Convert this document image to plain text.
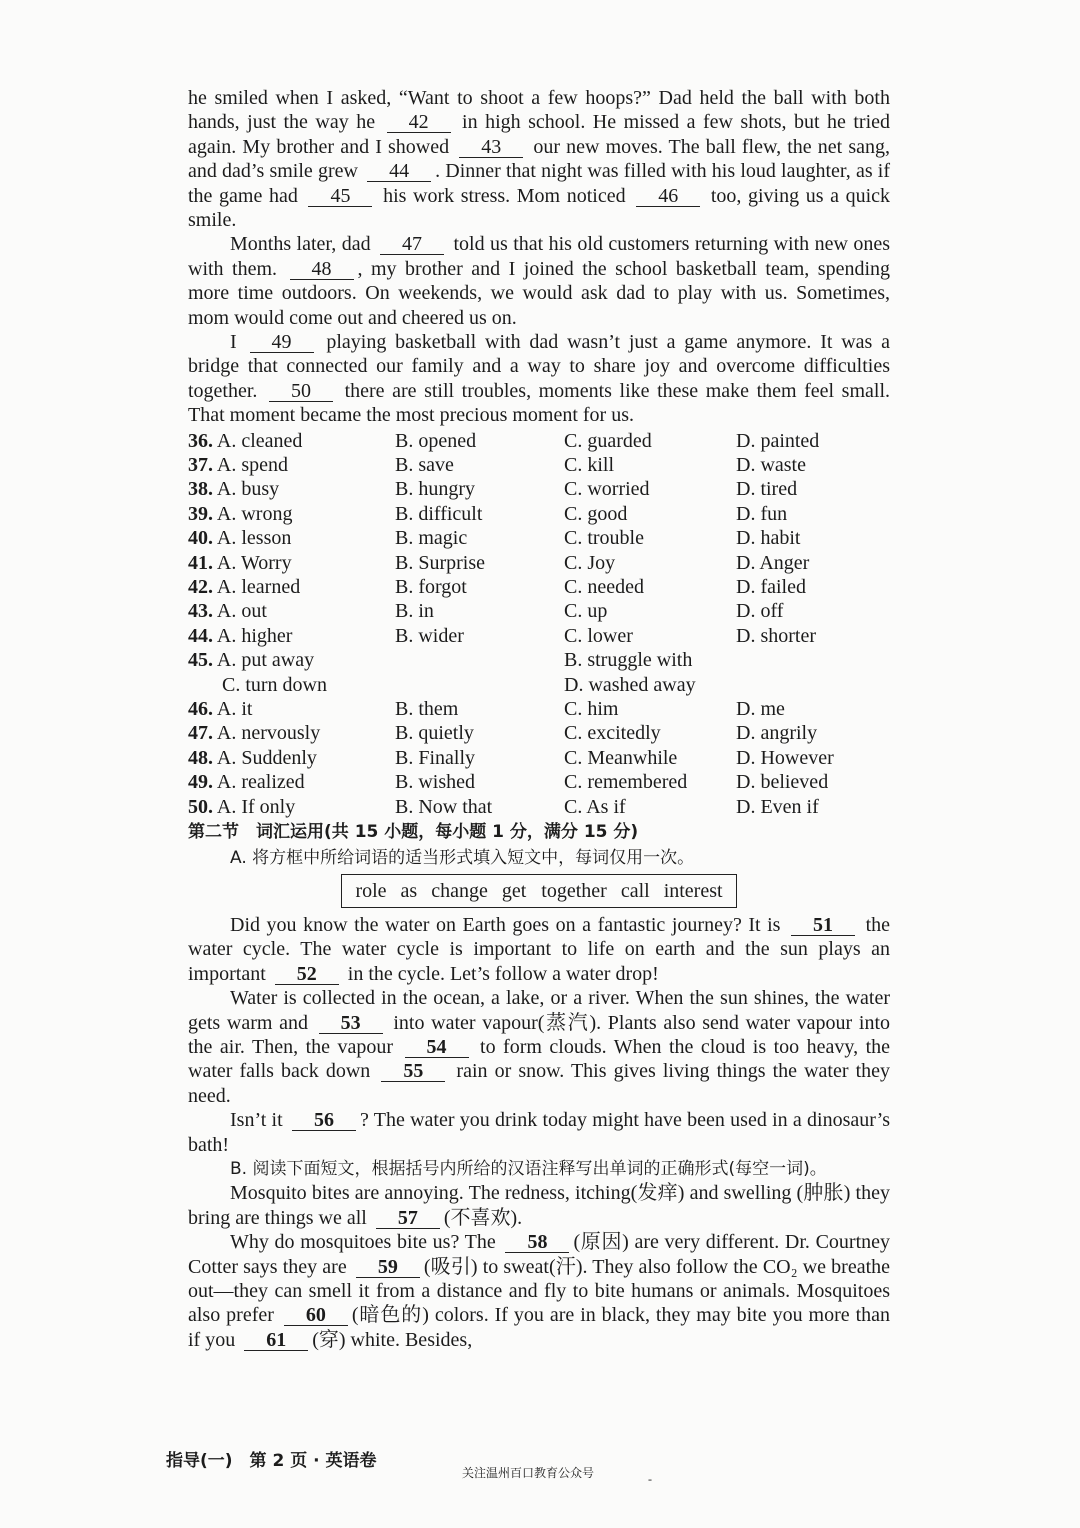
he smiled when I asked, “Want to shoot a few hoops?” Dad held the ball with both hands, just the way he 42 in high school. He missed a few shots, but he tried again. My brother and I showed 43 our new moves. The ball flew, the net sang, and dad’s smile grew 44 . Dinner that night was filled with his loud laughter, as if the game had 45 his work stress. Mom noticed 46 too, giving us a quick smile.

Months later, dad 47 told us that his old customers returning with new ones with them. 48 , my brother and I joined the school basketball team, spending more time outdoors. On weekends, we would ask dad to play with us. Sometimes, mom would come out and cheered us on.

I 49 playing basketball with dad wasn’t just a game anymore. It was a bridge that connected our family and a way to share joy and overcome difficulties together. 50 there are still troubles, moments like these make them feel small. That moment became the most precious moment for us.

36. A. cleaned	B. opened	C. guarded	D. painted
37. A. spend	B. save	C. kill	D. waste
38. A. busy	B. hungry	C. worried	D. tired
39. A. wrong	B. difficult	C. good	D. fun
40. A. lesson	B. magic	C. trouble	D. habit
41. A. Worry	B. Surprise	C. Joy	D. Anger
42. A. learned	B. forgot	C. needed	D. failed
43. A. out	B. in	C. up	D. off
44. A. higher	B. wider	C. lower	D. shorter
45. A. put away	B. struggle with
C. turn down	D. washed away
46. A. it	B. them	C. him	D. me
47. A. nervously	B. quietly	C. excitedly	D. angrily
48. A. Suddenly	B. Finally	C. Meanwhile	D. However
49. A. realized	B. wished	C. remembered D. believed
50. A. If only	B. Now that	C. As if	D. Even if
第二节　词汇运用(共 15 小题，每小题 1 分，满分 15 分)
A. 将方框中所给词语的适当形式填入短文中，每词仅用一次。
role as change get together call interest

Did you know the water on Earth goes on a fantastic journey? It is 51 the water cycle. The water cycle is important to life on earth and the sun plays an important 52 in the cycle. Let’s follow a water drop!

Water is collected in the ocean, a lake, or a river. When the sun shines, the water gets warm and 53 into water vapour(蒸汽). Plants also send water vapour into the air. Then, the vapour 54 to form clouds. When the cloud is too heavy, the water falls back down 55 rain or snow. This gives living things the water they need.

Isn’t it 56 ? The water you drink today might have been used in a dinosaur’s bath!

B. 阅读下面短文，根据括号内所给的汉语注释写出单词的正确形式(每空一词)。

Mosquito bites are annoying. The redness, itching(发痒) and swelling (肿胀) they bring are things we all 57 (不喜欢).

Why do mosquitoes bite us? The 58 (原因) are very different. Dr. Courtney Cotter says they are 59 (吸引) to sweat(汗). They also follow the CO₂ we breathe out—they can smell it from a distance and fly to bite humans or animals. Mosquitoes also prefer 60 (暗色的) colors. If you are in black, they may bite you more than if you 61 (穿) white. Besides,

指导(一)　第 2 页 · 英语卷
关注温州百口教育公众号	-
